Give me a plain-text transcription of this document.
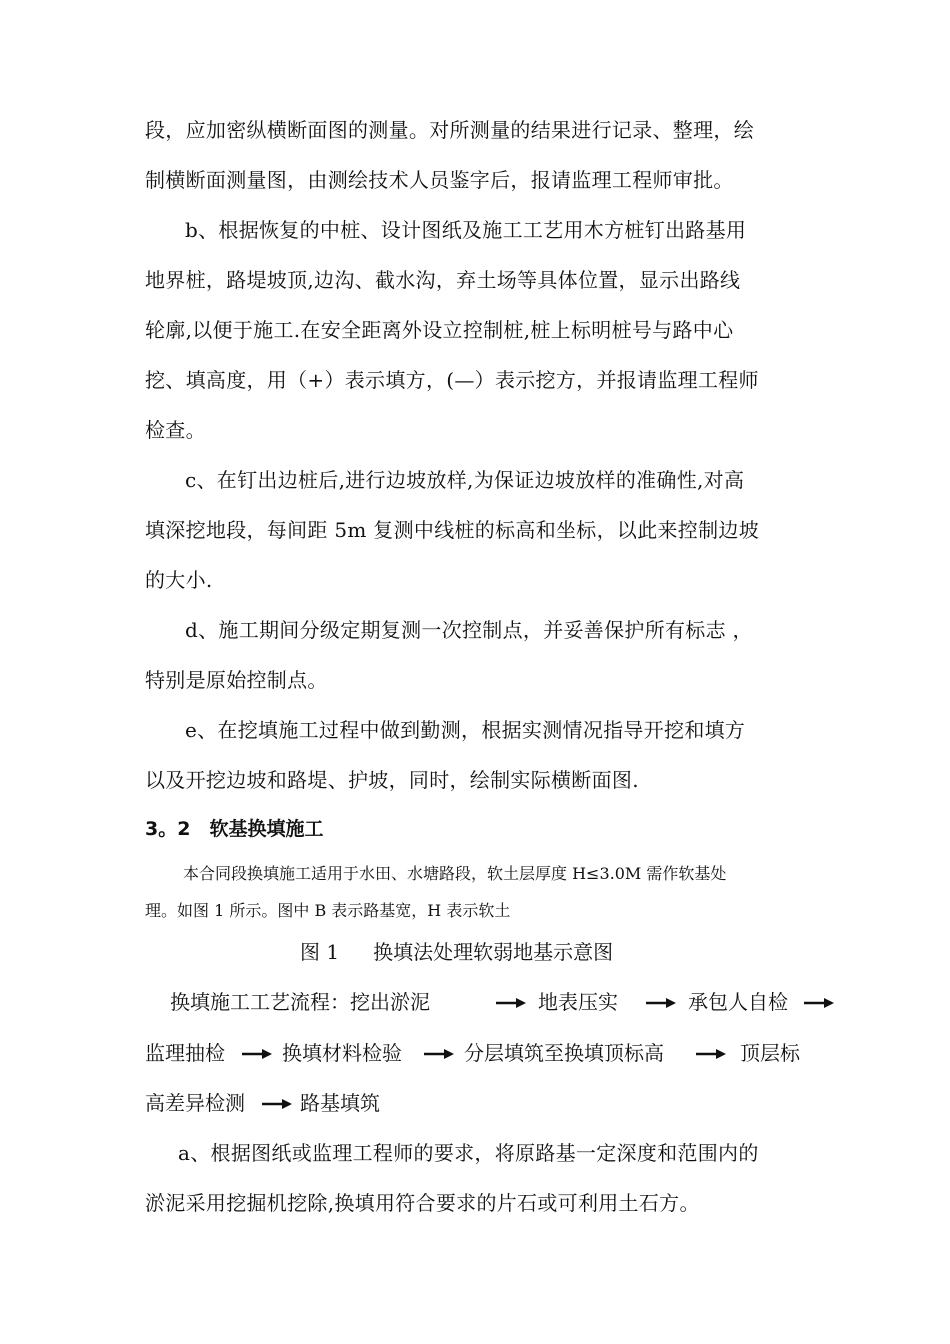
段，应加密纵横断面图的测量。对所测量的结果进行记录、整理，绘
制横断面测量图，由测绘技术人员鉴字后，报请监理工程师审批。
b、根据恢复的中桩、设计图纸及施工工艺用木方桩钉出路基用
地界桩，路堤坡顶,边沟、截水沟，弃土场等具体位置，显示出路线
轮廓,以便于施工.在安全距离外设立控制桩,桩上标明桩号与路中心
挖、填高度，用（+）表示填方，(—）表示挖方，并报请监理工程师
检查。
c、在钉出边桩后,进行边坡放样,为保证边坡放样的准确性,对高
填深挖地段，每间距 5m 复测中线桩的标高和坐标，以此来控制边坡
的大小.
d、施工期间分级定期复测一次控制点，并妥善保护所有标志 ，
特别是原始控制点。
e、在挖填施工过程中做到勤测，根据实测情况指导开挖和填方
以及开挖边坡和路堤、护坡，同时，绘制实际横断面图.
3。2　软基换填施工
本合同段换填施工适用于水田、水塘路段，软土层厚度 H≤3.0M 需作软基处
理。如图 1 所示。图中 B 表示路基宽，H 表示软土
图 1 换填法处理软弱地基示意图
换填施工工艺流程： 挖出淤泥	地表压实	承包人自检
监理抽检	换填材料检验	分层填筑至换填顶标高	顶层标
高差异检测	路基填筑
a、根据图纸或监理工程师的要求，将原路基一定深度和范围内的
淤泥采用挖掘机挖除,换填用符合要求的片石或可利用土石方。
